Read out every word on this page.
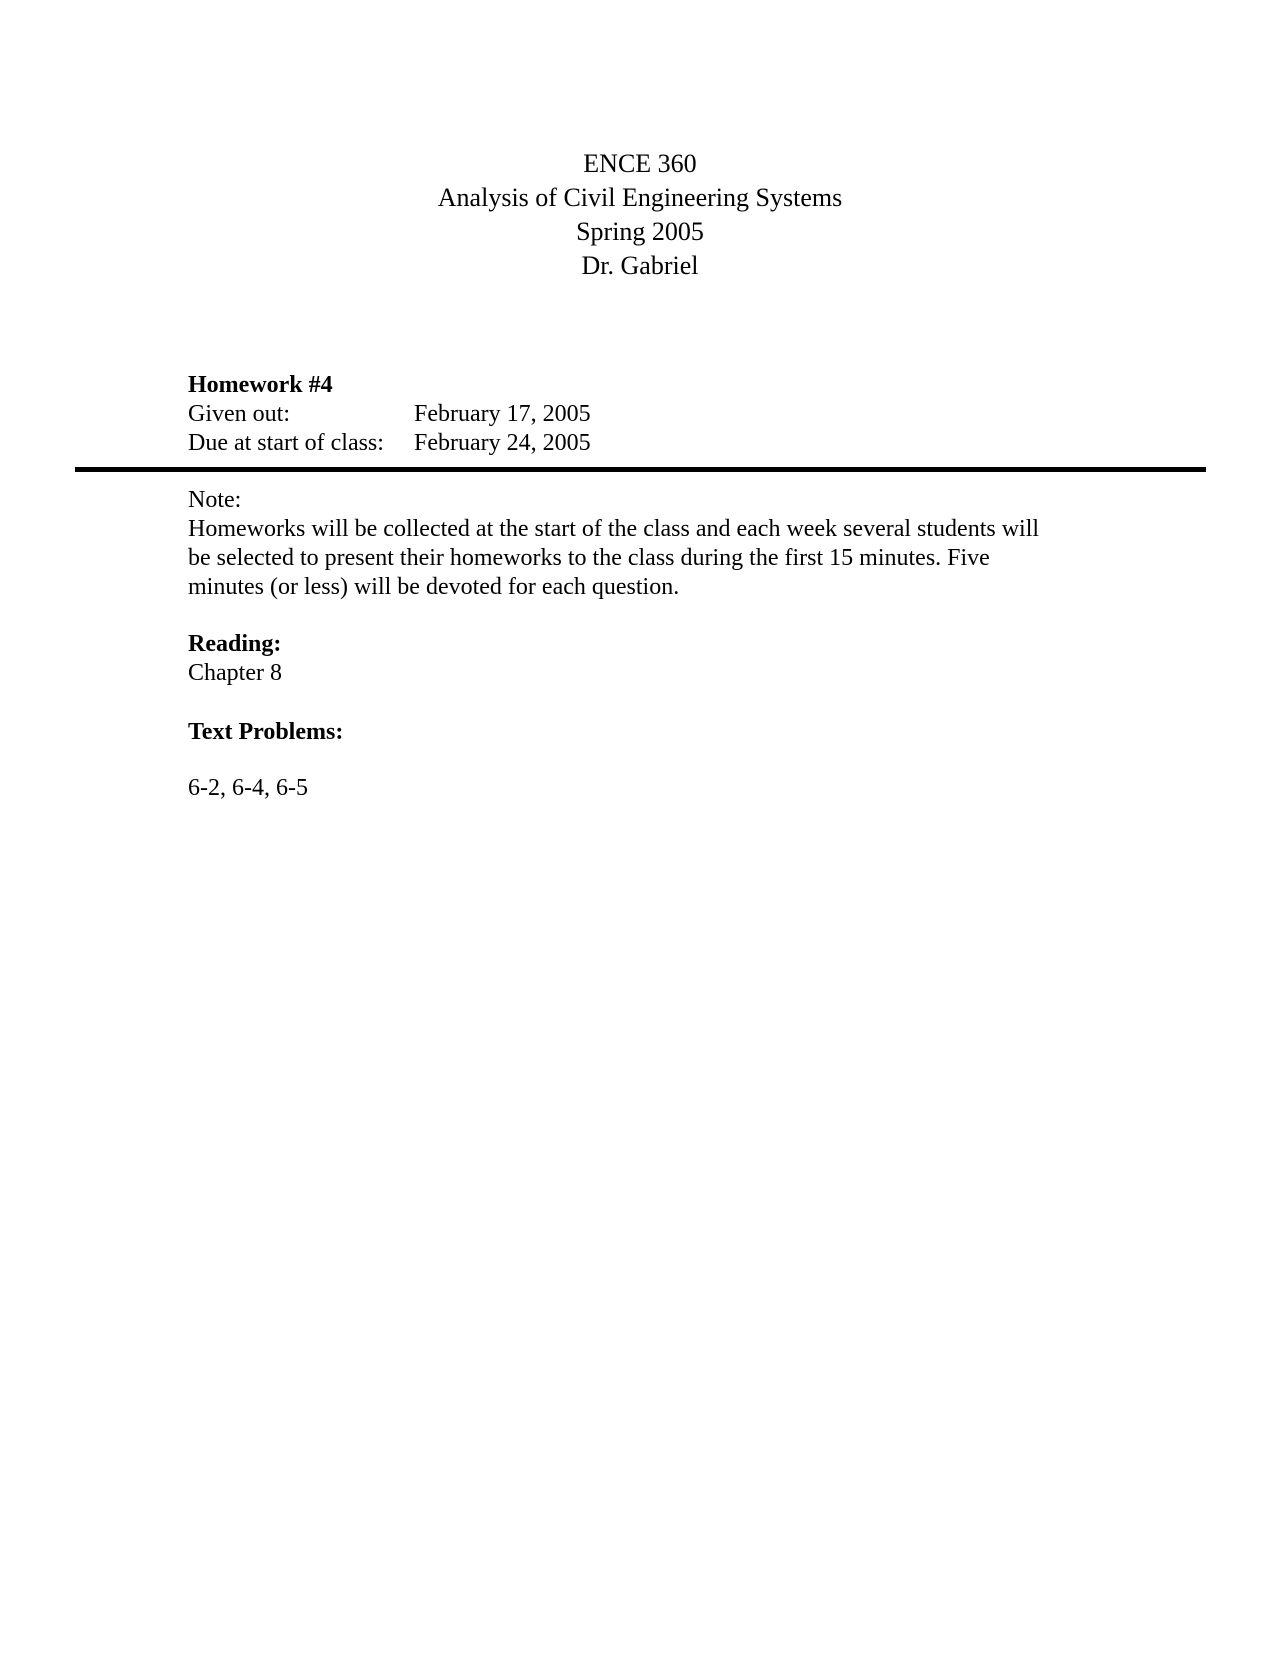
ENCE 360
Analysis of Civil Engineering Systems
Spring 2005
Dr. Gabriel
Homework #4
Given out:	February 17, 2005
Due at start of class:	February 24, 2005

Note:

Homeworks will be collected at the start of the class and each week several students will

be selected to present their homeworks to the class during the first 15 minutes. Five

minutes (or less) will be devoted for each question.

Reading:

Chapter 8

Text Problems:

6-2, 6-4, 6-5
